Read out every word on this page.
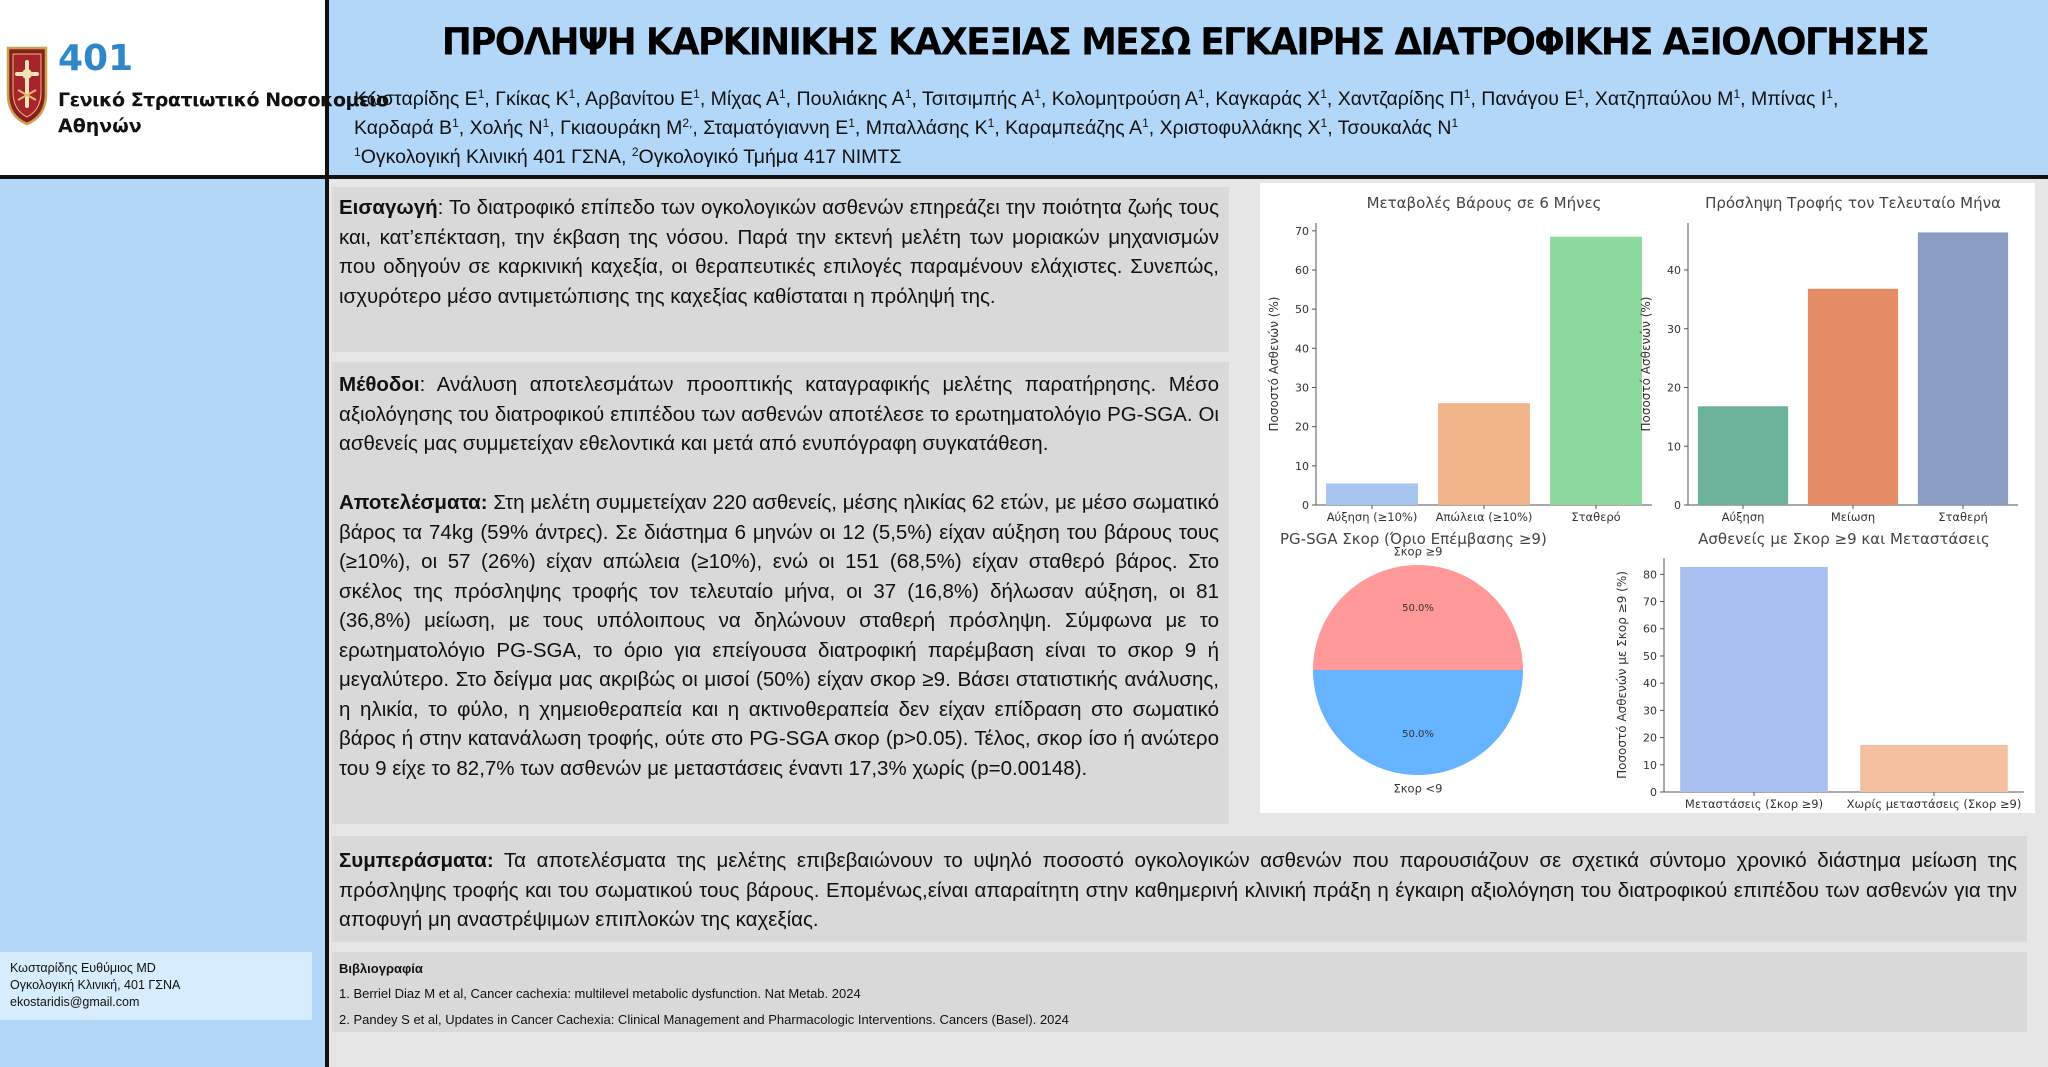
401
Γενικό Στρατιωτικό Νοσοκομείο
Αθηνών
ΠΡΟΛΗΨΗ ΚΑΡΚΙΝΙΚΗΣ ΚΑΧΕΞΙΑΣ ΜΕΣΩ ΕΓΚΑΙΡΗΣ ΔΙΑΤΡΟΦΙΚΗΣ ΑΞΙΟΛΟΓΗΣΗΣ
Κωσταρίδης $E^1$, Γκίκας $K^1$, Αρβανίτου $E^1$, Μίχας $A^1$, Πουλιάκης $A^1$, Τσιτσιμπής $A^1$, Κολομητρούση $A^1$, Καγκαράς $X^1$, Χαντζαρίδης $\Pi^1$, Πανάγου $E^1$, Χατζηπαύλου $M^1$, Μπίνας $I^1$,
Καρδαρά $B^1$, Χολής $N^1$, Γκιαουράκη $M^{2,}$, Σταματόγιαννη $E^1$, Μπαλλάσης $K^1$, Καραμπεάζης $A^1$, Χριστοφυλλάκης $X^1$, Τσουκαλάς $N^1$
$^1$Ογκολογική Κλινική 401 ΓΣΝΑ, $^2$Ογκολογικό Τμήμα 417 ΝΙΜΤΣ

Εισαγωγή: Το διατροφικό επίπεδο των ογκολογικών ασθενών επηρεάζει την ποιότητα ζωής τους και, κατ’επέκταση, την έκβαση της νόσου. Παρά την εκτενή μελέτη των μοριακών μηχανισμών που οδηγούν σε καρκινική καχεξία, οι θεραπευτικές επιλογές παραμένουν ελάχιστες. Συνεπώς, ισχυρότερο μέσο αντιμετώπισης της καχεξίας καθίσταται η πρόληψή της.

Μέθοδοι: Ανάλυση αποτελεσμάτων προοπτικής καταγραφικής μελέτης παρατήρησης. Μέσο αξιολόγησης του διατροφικού επιπέδου των ασθενών αποτέλεσε το ερωτηματολόγιο PG-SGA. Οι ασθενείς μας συμμετείχαν εθελοντικά και μετά από ενυπόγραφη συγκατάθεση.

Αποτελέσματα: Στη μελέτη συμμετείχαν 220 ασθενείς, μέσης ηλικίας 62 ετών, με μέσο σωματικό βάρος τα 74kg (59% άντρες). Σε διάστημα 6 μηνών οι 12 (5,5%) είχαν αύξηση του βάρους τους (≥10%), οι 57 (26%) είχαν απώλεια (≥10%), ενώ οι 151 (68,5%) είχαν σταθερό βάρος. Στο σκέλος της πρόσληψης τροφής τον τελευταίο μήνα, οι 37 (16,8%) δήλωσαν αύξηση, οι 81 (36,8%) μείωση, με τους υπόλοιπους να δηλώνουν σταθερή πρόσληψη. Σύμφωνα με το ερωτηματολόγιο PG-SGA, το όριο για επείγουσα διατροφική παρέμβαση είναι το σκορ 9 ή μεγαλύτερο. Στο δείγμα μας ακριβώς οι μισοί (50%) είχαν σκορ ≥9. Βάσει στατιστικής ανάλυσης, η ηλικία, το φύλο, η χημειοθεραπεία και η ακτινοθεραπεία δεν είχαν επίδραση στο σωματικό βάρος ή στην κατανάλωση τροφής, ούτε στο PG-SGA σκορ (p>0.05). Τέλος, σκορ ίσο ή ανώτερο του 9 είχε το 82,7% των ασθενών με μεταστάσεις έναντι 17,3% χωρίς (p=0.00148).

Μεταβολές Βάρους σε 6 Μήνες
0
10
20
30
40
50
60
70
Αύξηση (≥10%) Απώλεια (≥10%)	Σταθερό
Ποσοστό Ασθενών (%)
Πρόσληψη Τροφής τον Τελευταίο Μήνα
0
10
20
30
40
Αύξηση	Μείωση	Σταθερή
Ποσοστό Ασθενών (%)
PG-SGA Σκορ (Όριο Επέμβασης ≥9)
50.0%
Σκορ ≥9
50.0%
Σκορ <9
Ασθενείς με Σκορ ≥9 και Μεταστάσεις
0
10
20
30
40
50
60
70
80
Μεταστάσεις (Σκορ ≥9) Χωρίς μεταστάσεις (Σκορ ≥9)
Ποσοστό Ασθενών με Σκορ ≥9 (%)

Συμπεράσματα: Τα αποτελέσματα της μελέτης επιβεβαιώνουν το υψηλό ποσοστό ογκολογικών ασθενών που παρουσιάζουν σε σχετικά σύντομο χρονικό διάστημα μείωση της πρόσληψης τροφής και του σωματικού τους βάρους. Επομένως,είναι απαραίτητη στην καθημερινή κλινική πράξη η έγκαιρη αξιολόγηση του διατροφικού επιπέδου των ασθενών για την αποφυγή μη αναστρέψιμων επιπλοκών της καχεξίας.

Βιβλιογραφία
1. Berriel Diaz M et al, Cancer cachexia: multilevel metabolic dysfunction. Nat Metab. 2024
2. Pandey S et al, Updates in Cancer Cachexia: Clinical Management and Pharmacologic Interventions. Cancers (Basel). 2024
Κωσταρίδης Ευθύμιος MD
Ογκολογική Κλινική, 401 ΓΣΝΑ
ekostaridis@gmail.com
